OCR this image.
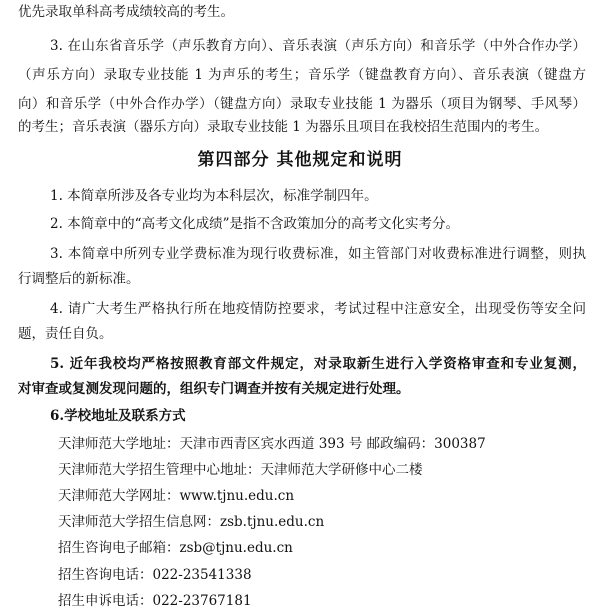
优先录取单科高考成绩较高的考生。
3. 在山东省音乐学（声乐教育方向）、音乐表演（声乐方向）和音乐学（中外合作办学）
（声乐方向）录取专业技能 1 为声乐的考生；音乐学（键盘教育方向）、音乐表演（键盘方
向）和音乐学（中外合作办学）（键盘方向）录取专业技能 1 为器乐（项目为钢琴、手风琴）
的考生；音乐表演（器乐方向）录取专业技能 1 为器乐且项目在我校招生范围内的考生。
第四部分 其他规定和说明
1. 本简章所涉及各专业均为本科层次，标准学制四年。
2. 本简章中的“高考文化成绩”是指不含政策加分的高考文化实考分。
3. 本简章中所列专业学费标准为现行收费标准，如主管部门对收费标准进行调整，则执
行调整后的新标准。
4. 请广大考生严格执行所在地疫情防控要求，考试过程中注意安全，出现受伤等安全问
题，责任自负。
5. 近年我校均严格按照教育部文件规定，对录取新生进行入学资格审查和专业复测，
对审查或复测发现问题的，组织专门调查并按有关规定进行处理。
6.学校地址及联系方式
天津师范大学地址：天津市西青区宾水西道 393 号 邮政编码：300387
天津师范大学招生管理中心地址：天津师范大学研修中心二楼
天津师范大学网址：www.tjnu.edu.cn
天津师范大学招生信息网：zsb.tjnu.edu.cn
招生咨询电子邮箱：zsb@tjnu.edu.cn
招生咨询电话：022-23541338
招生申诉电话：022-23767181
